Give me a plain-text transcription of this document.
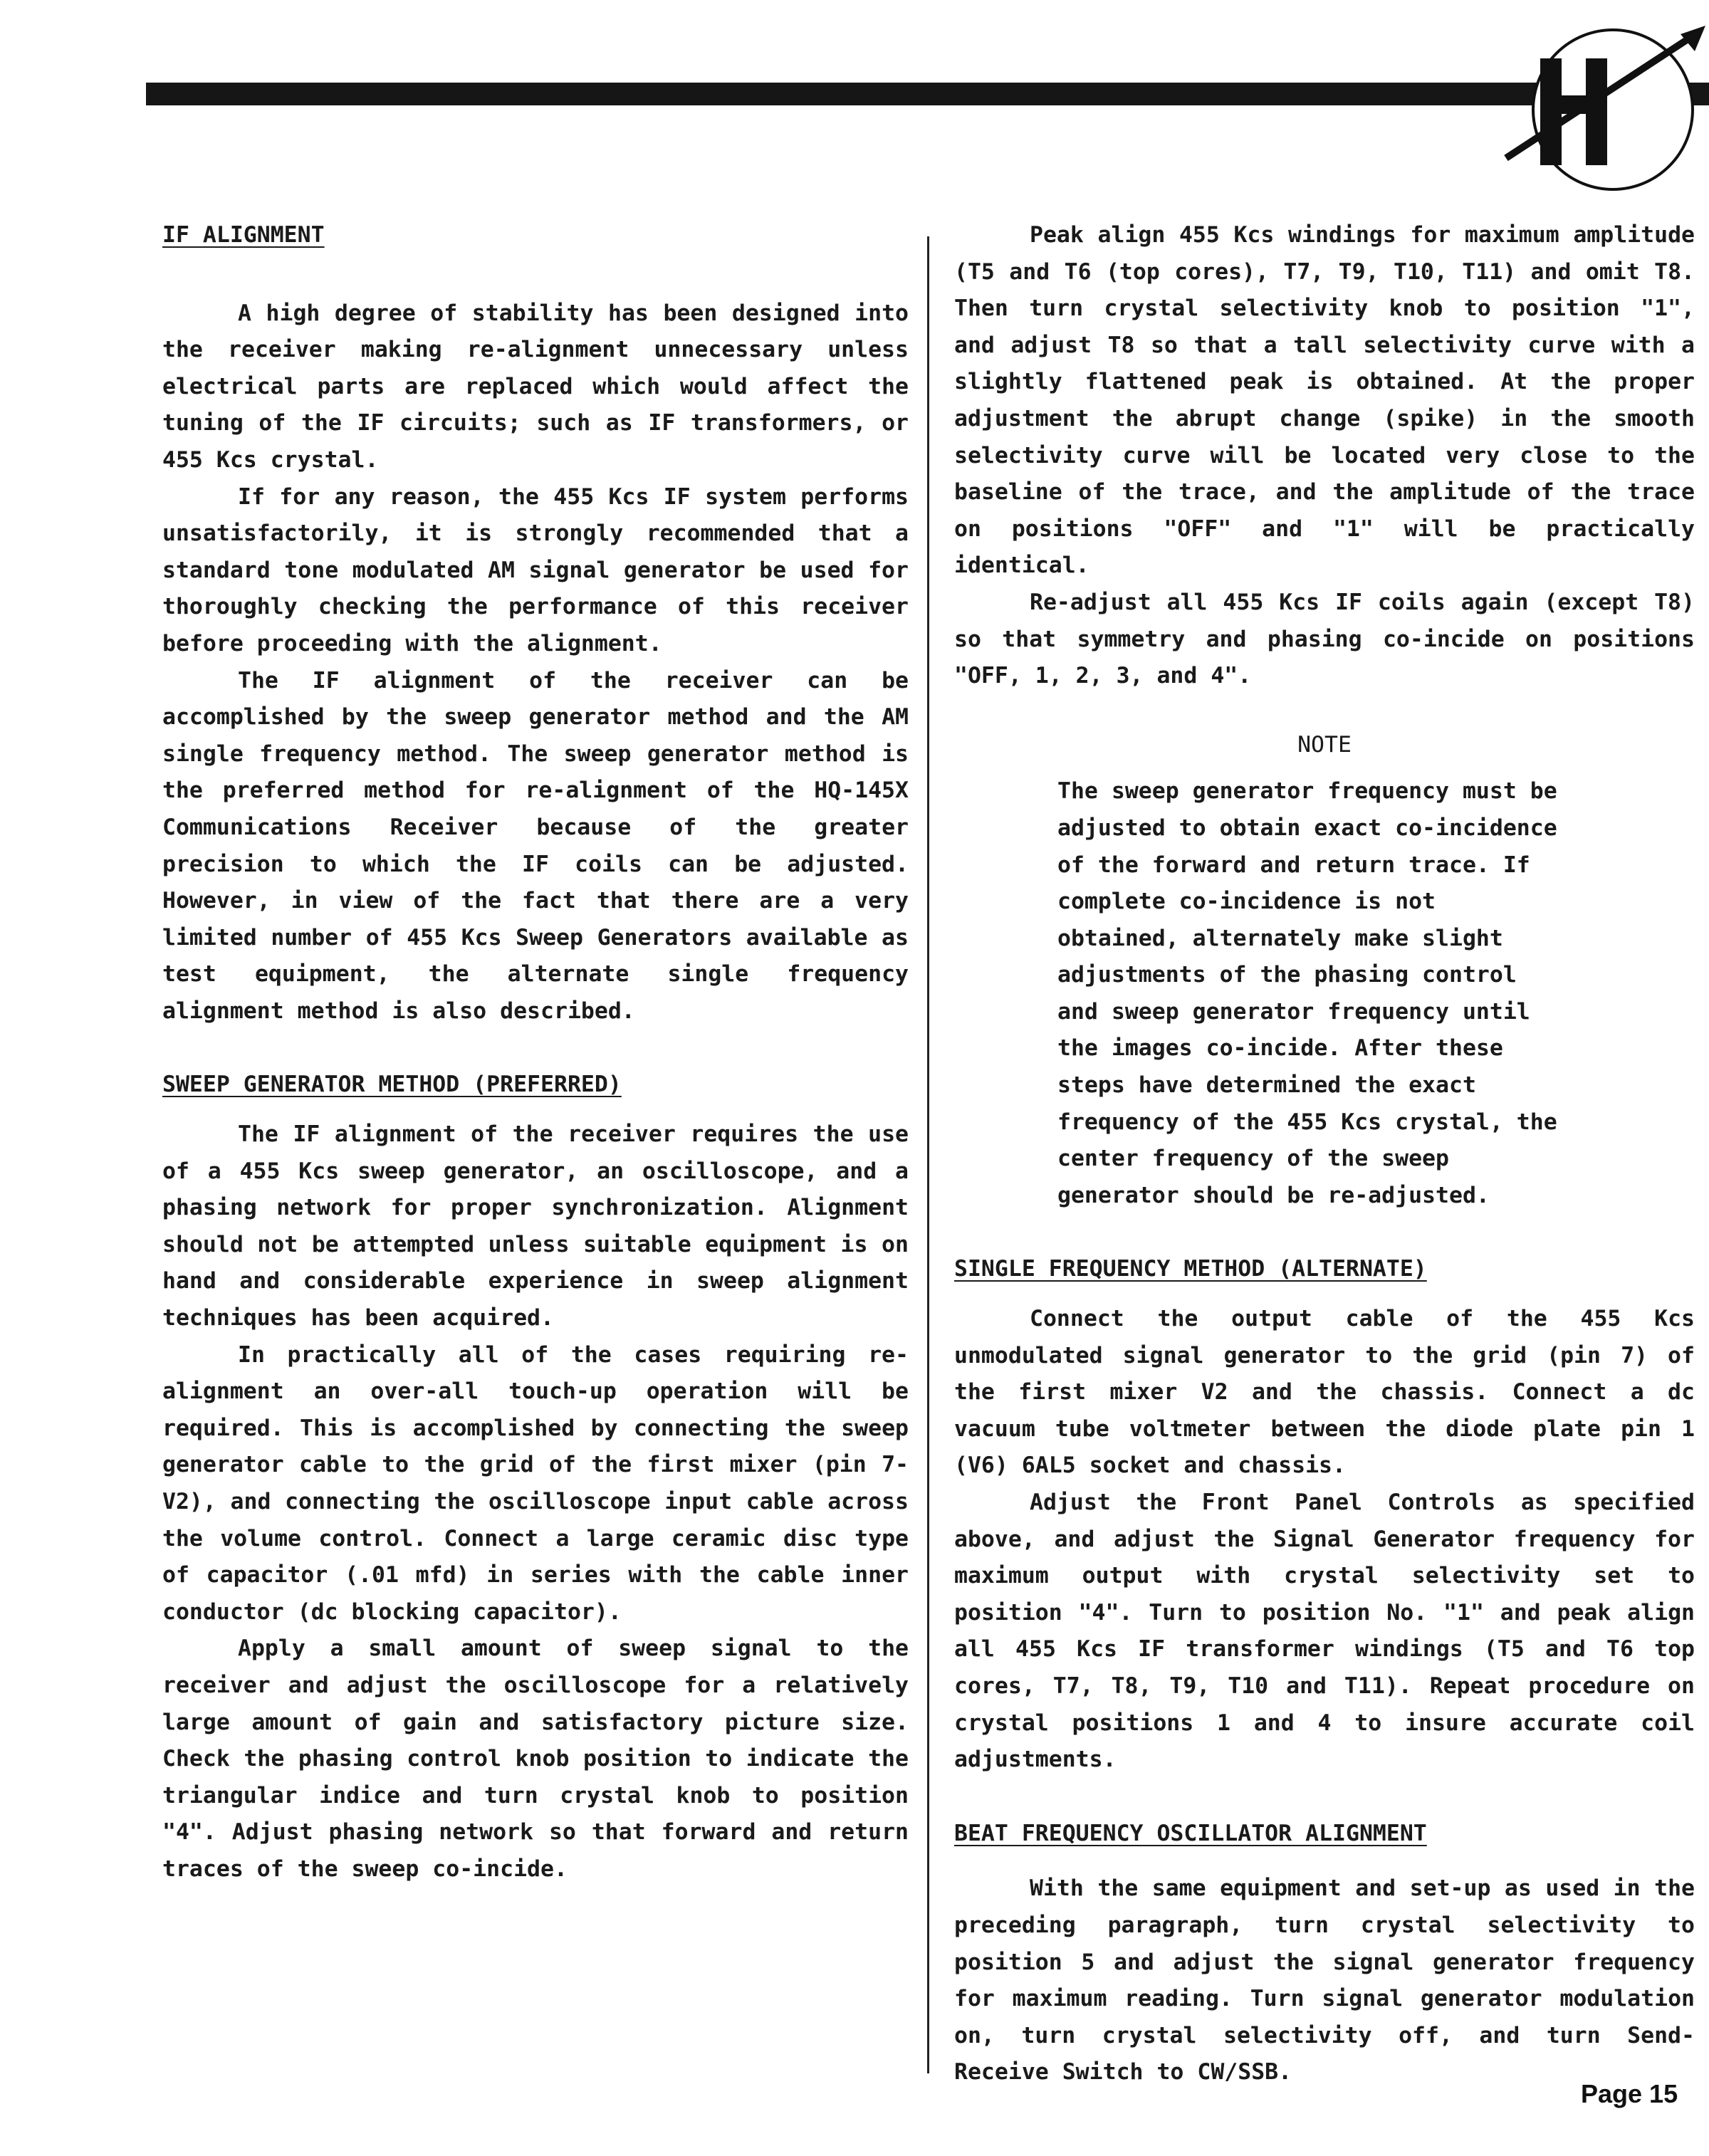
IF ALIGNMENT

A high degree of stability has been designed into the receiver making re-alignment unnecessary unless electrical parts are replaced which would affect the tuning of the IF circuits; such as IF transformers, or 455 Kcs crystal.

If for any reason, the 455 Kcs IF system performs unsatisfactorily, it is strongly recommended that a standard tone modulated AM signal generator be used for thoroughly checking the performance of this receiver before proceeding with the alignment.

The IF alignment of the receiver can be accomplished by the sweep generator method and the AM single frequency method. The sweep generator method is the preferred method for re-alignment of the HQ-145X Communications Receiver because of the greater precision to which the IF coils can be adjusted. However, in view of the fact that there are a very limited number of 455 Kcs Sweep Generators available as test equipment, the alternate single frequency alignment method is also described.

SWEEP GENERATOR METHOD (PREFERRED)

The IF alignment of the receiver requires the use of a 455 Kcs sweep generator, an oscilloscope, and a phasing network for proper synchronization. Alignment should not be attempted unless suitable equipment is on hand and considerable experience in sweep alignment techniques has been acquired.

In practically all of the cases requiring re-alignment an over-all touch-up operation will be required. This is accomplished by connecting the sweep generator cable to the grid of the first mixer (pin 7-V2), and connecting the oscilloscope input cable across the volume control. Connect a large ceramic disc type of capacitor (.01 mfd) in series with the cable inner conductor (dc blocking capacitor).

Apply a small amount of sweep signal to the receiver and adjust the oscilloscope for a relatively large amount of gain and satisfactory picture size. Check the phasing control knob position to indicate the triangular indice and turn crystal knob to position "4". Adjust phasing network so that forward and return traces of the sweep co-incide.

Peak align 455 Kcs windings for maximum amplitude (T5 and T6 (top cores), T7, T9, T10, T11) and omit T8. Then turn crystal selectivity knob to position "1", and adjust T8 so that a tall selectivity curve with a slightly flattened peak is obtained. At the proper adjustment the abrupt change (spike) in the smooth selectivity curve will be located very close to the baseline of the trace, and the amplitude of the trace on positions "OFF" and "1" will be practically identical.

Re-adjust all 455 Kcs IF coils again (except T8) so that symmetry and phasing co-incide on positions "OFF, 1, 2, 3, and 4".

NOTE
The sweep generator frequency must be adjusted to obtain exact co-incidence of the forward and return trace. If complete co-incidence is not obtained, alternately make slight adjustments of the phasing control and sweep generator frequency until the images co-incide. After these steps have determined the exact frequency of the 455 Kcs crystal, the center frequency of the sweep generator should be re-adjusted.
SINGLE FREQUENCY METHOD (ALTERNATE)

Connect the output cable of the 455 Kcs unmodulated signal generator to the grid (pin 7) of the first mixer V2 and the chassis. Connect a dc vacuum tube voltmeter between the diode plate pin 1 (V6) 6AL5 socket and chassis.

Adjust the Front Panel Controls as specified above, and adjust the Signal Generator frequency for maximum output with crystal selectivity set to position "4". Turn to position No. "1" and peak align all 455 Kcs IF transformer windings (T5 and T6 top cores, T7, T8, T9, T10 and T11). Repeat procedure on crystal positions 1 and 4 to insure accurate coil adjustments.

BEAT FREQUENCY OSCILLATOR ALIGNMENT

With the same equipment and set-up as used in the preceding paragraph, turn crystal selectivity to position 5 and adjust the signal generator frequency for maximum reading. Turn signal generator modulation on, turn crystal selectivity off, and turn Send-Receive Switch to CW/SSB.

Page 15
